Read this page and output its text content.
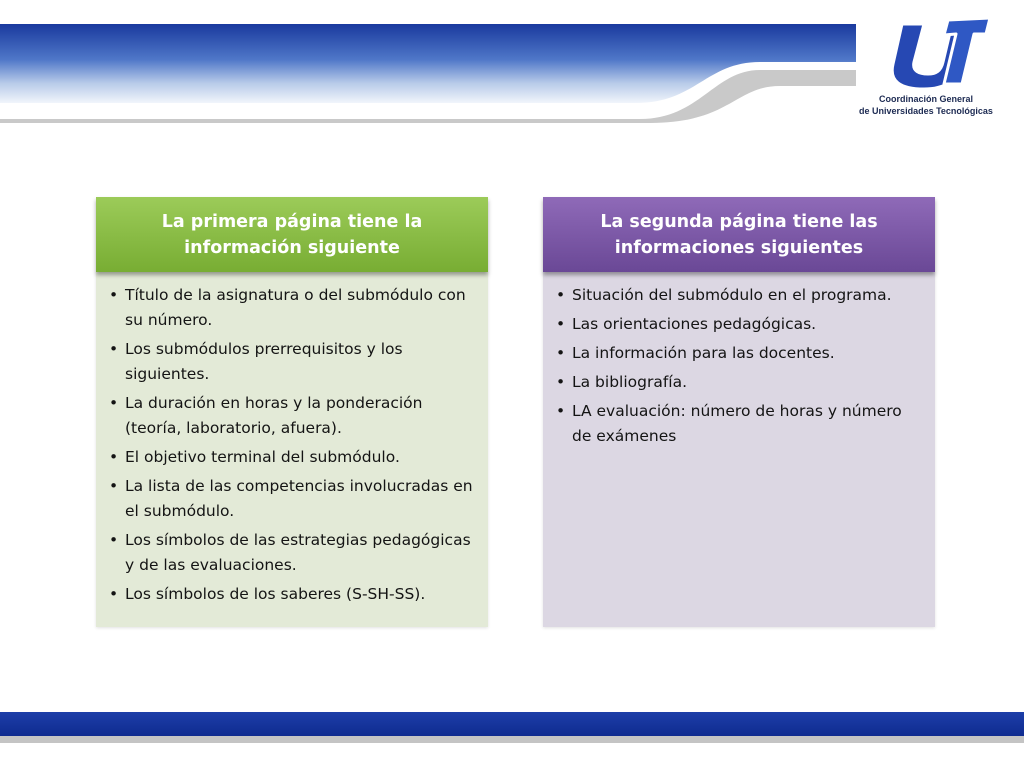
Coordinación General
de Universidades Tecnológicas
La primera página tiene la información siguiente
• Título de la asignatura o del submódulo con su número.
• Los submódulos prerrequisitos y los siguientes.
• La duración en horas y la ponderación (teoría, laboratorio, afuera).
• El objetivo terminal del submódulo.
• La lista de las competencias involucradas en el submódulo.
• Los símbolos de las estrategias pedagógicas y de las evaluaciones.
• Los símbolos de los saberes (S-SH-SS).
La segunda página tiene las informaciones siguientes
• Situación del submódulo en el programa.
• Las orientaciones pedagógicas.
• La información para las docentes.
• La bibliografía.
• LA evaluación: número de horas y número de exámenes
